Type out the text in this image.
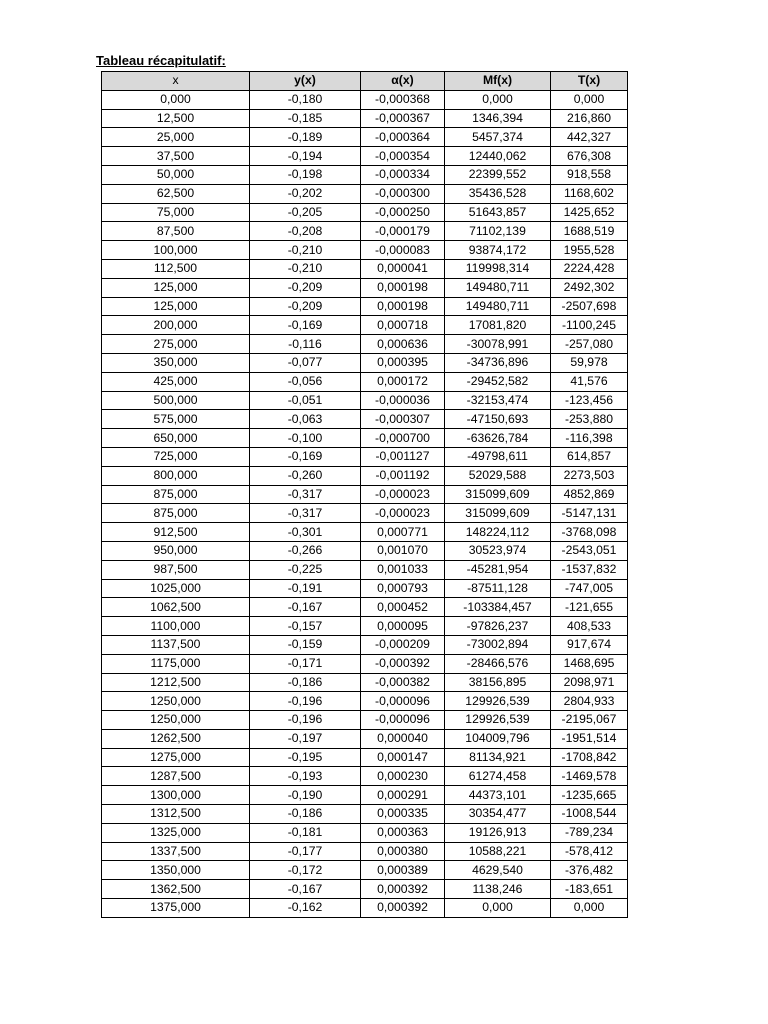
Tableau récapitulatif:
x	y(x)	α(x)	Mf(x)	T(x)
0,000	-0,180	-0,000368	0,000	0,000
12,500	-0,185	-0,000367	1346,394	216,860
25,000	-0,189	-0,000364	5457,374	442,327
37,500	-0,194	-0,000354	12440,062	676,308
50,000	-0,198	-0,000334	22399,552	918,558
62,500	-0,202	-0,000300	35436,528	1168,602
75,000	-0,205	-0,000250	51643,857	1425,652
87,500	-0,208	-0,000179	71102,139	1688,519
100,000	-0,210	-0,000083	93874,172	1955,528
112,500	-0,210	0,000041	119998,314	2224,428
125,000	-0,209	0,000198	149480,711	2492,302
125,000	-0,209	0,000198	149480,711	-2507,698
200,000	-0,169	0,000718	17081,820	-1100,245
275,000	-0,116	0,000636	-30078,991	-257,080
350,000	-0,077	0,000395	-34736,896	59,978
425,000	-0,056	0,000172	-29452,582	41,576
500,000	-0,051	-0,000036	-32153,474	-123,456
575,000	-0,063	-0,000307	-47150,693	-253,880
650,000	-0,100	-0,000700	-63626,784	-116,398
725,000	-0,169	-0,001127	-49798,611	614,857
800,000	-0,260	-0,001192	52029,588	2273,503
875,000	-0,317	-0,000023	315099,609	4852,869
875,000	-0,317	-0,000023	315099,609	-5147,131
912,500	-0,301	0,000771	148224,112	-3768,098
950,000	-0,266	0,001070	30523,974	-2543,051
987,500	-0,225	0,001033	-45281,954	-1537,832
1025,000	-0,191	0,000793	-87511,128	-747,005
1062,500	-0,167	0,000452	-103384,457	-121,655
1100,000	-0,157	0,000095	-97826,237	408,533
1137,500	-0,159	-0,000209	-73002,894	917,674
1175,000	-0,171	-0,000392	-28466,576	1468,695
1212,500	-0,186	-0,000382	38156,895	2098,971
1250,000	-0,196	-0,000096	129926,539	2804,933
1250,000	-0,196	-0,000096	129926,539	-2195,067
1262,500	-0,197	0,000040	104009,796	-1951,514
1275,000	-0,195	0,000147	81134,921	-1708,842
1287,500	-0,193	0,000230	61274,458	-1469,578
1300,000	-0,190	0,000291	44373,101	-1235,665
1312,500	-0,186	0,000335	30354,477	-1008,544
1325,000	-0,181	0,000363	19126,913	-789,234
1337,500	-0,177	0,000380	10588,221	-578,412
1350,000	-0,172	0,000389	4629,540	-376,482
1362,500	-0,167	0,000392	1138,246	-183,651
1375,000	-0,162	0,000392	0,000	0,000
